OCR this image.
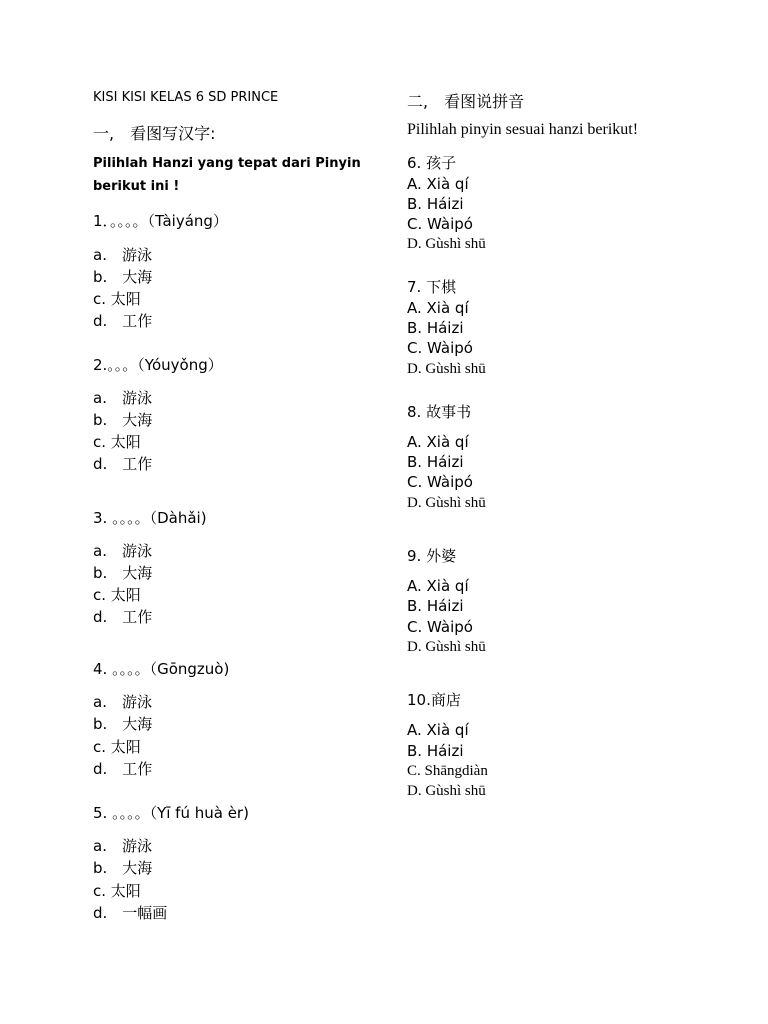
KISI KISI KELAS 6 SD PRINCE
一,　看图写汉字:
Pilihlah Hanzi yang tepat dari Pinyin
berikut ini !
1．。。。。（Tàiyáng）
a.　游泳
b.　大海
c. 太阳
d.　工作
2.。。。（Yóuyǒng）
a.　游泳
b.　大海
c. 太阳
d.　工作
3. 。。。。（Dàhǎi)
a.　游泳
b.　大海
c. 太阳
d.　工作
4. 。。。。（Gōngzuò)
a.　游泳
b.　大海
c. 太阳
d.　工作
5. 。。。。（Yī fú huà èr)
a.　游泳
b.　大海
c. 太阳
d.　一幅画
二,　看图说拼音
Pilihlah pinyin sesuai hanzi berikut!
6. 孩子
A. Xià qí
B. Háizi
C. Wàipó
D. Gùshì shū
7. 下棋
A. Xià qí
B. Háizi
C. Wàipó
D. Gùshì shū
8. 故事书
A. Xià qí
B. Háizi
C. Wàipó
D. Gùshì shū
9. 外婆
A. Xià qí
B. Háizi
C. Wàipó
D. Gùshì shū
10.商店
A. Xià qí
B. Háizi
C. Shāngdiàn
D. Gùshì shū
